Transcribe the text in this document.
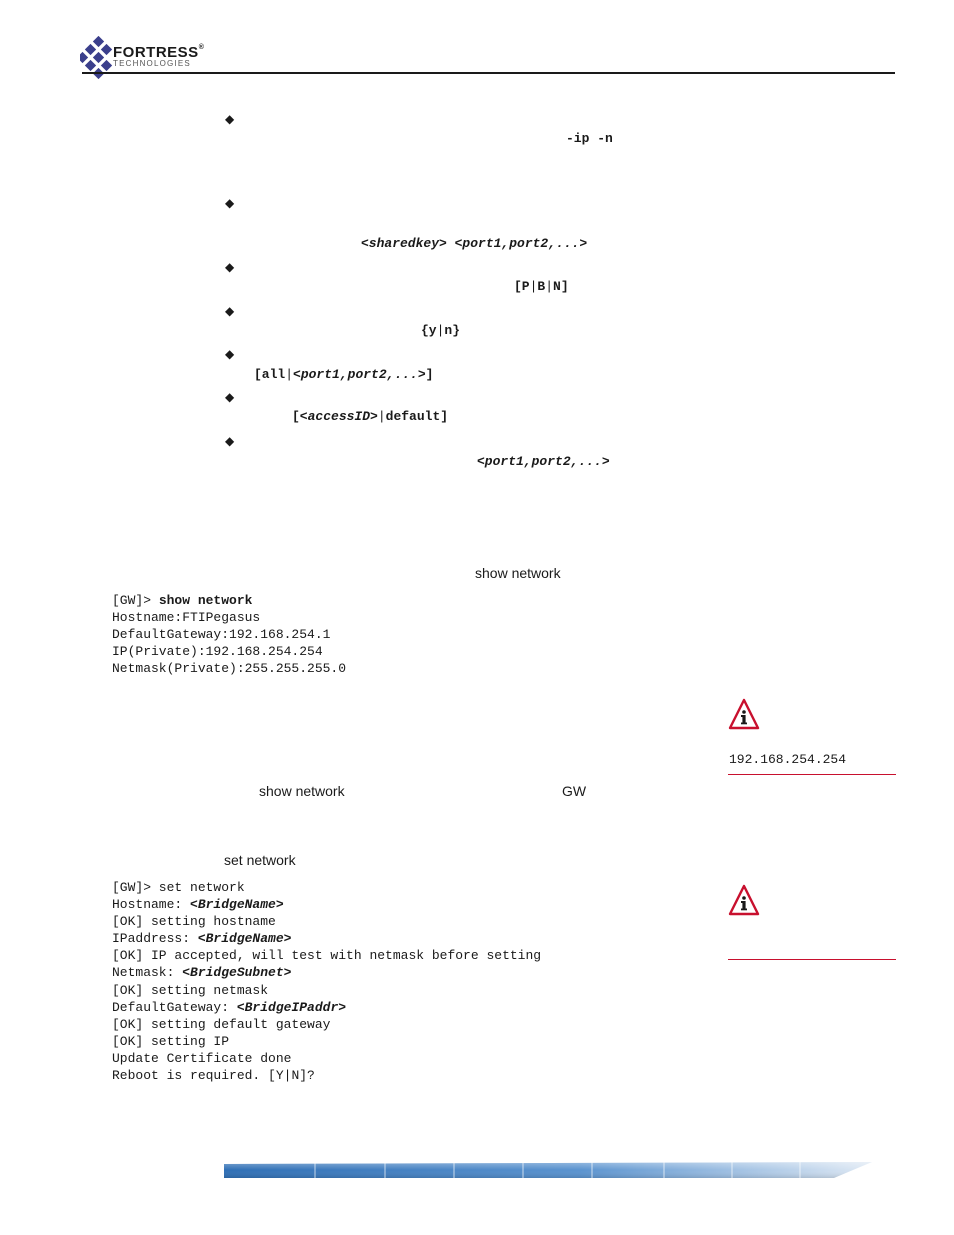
FORTRESS®
TECHNOLOGIES
◆
-ip -n
◆
<sharedkey> <port1,port2,...>
◆
[P|B|N]
◆
{y|n}
◆
[all|<port1,port2,...>]
◆
[<accessID>|default]
◆
<port1,port2,...>
show network
[GW]> show network
Hostname:FTIPegasus
DefaultGateway:192.168.254.1
IP(Private):192.168.254.254
Netmask(Private):255.255.255.0
192.168.254.254
show network	GW
set network
[GW]> set network
Hostname: <BridgeName>
[OK] setting hostname
IPaddress: <BridgeName>
[OK] IP accepted, will test with netmask before setting
Netmask: <BridgeSubnet>
[OK] setting netmask
DefaultGateway: <BridgeIPaddr>
[OK] setting default gateway
[OK] setting IP
Update Certificate done
Reboot is required. [Y|N]?
